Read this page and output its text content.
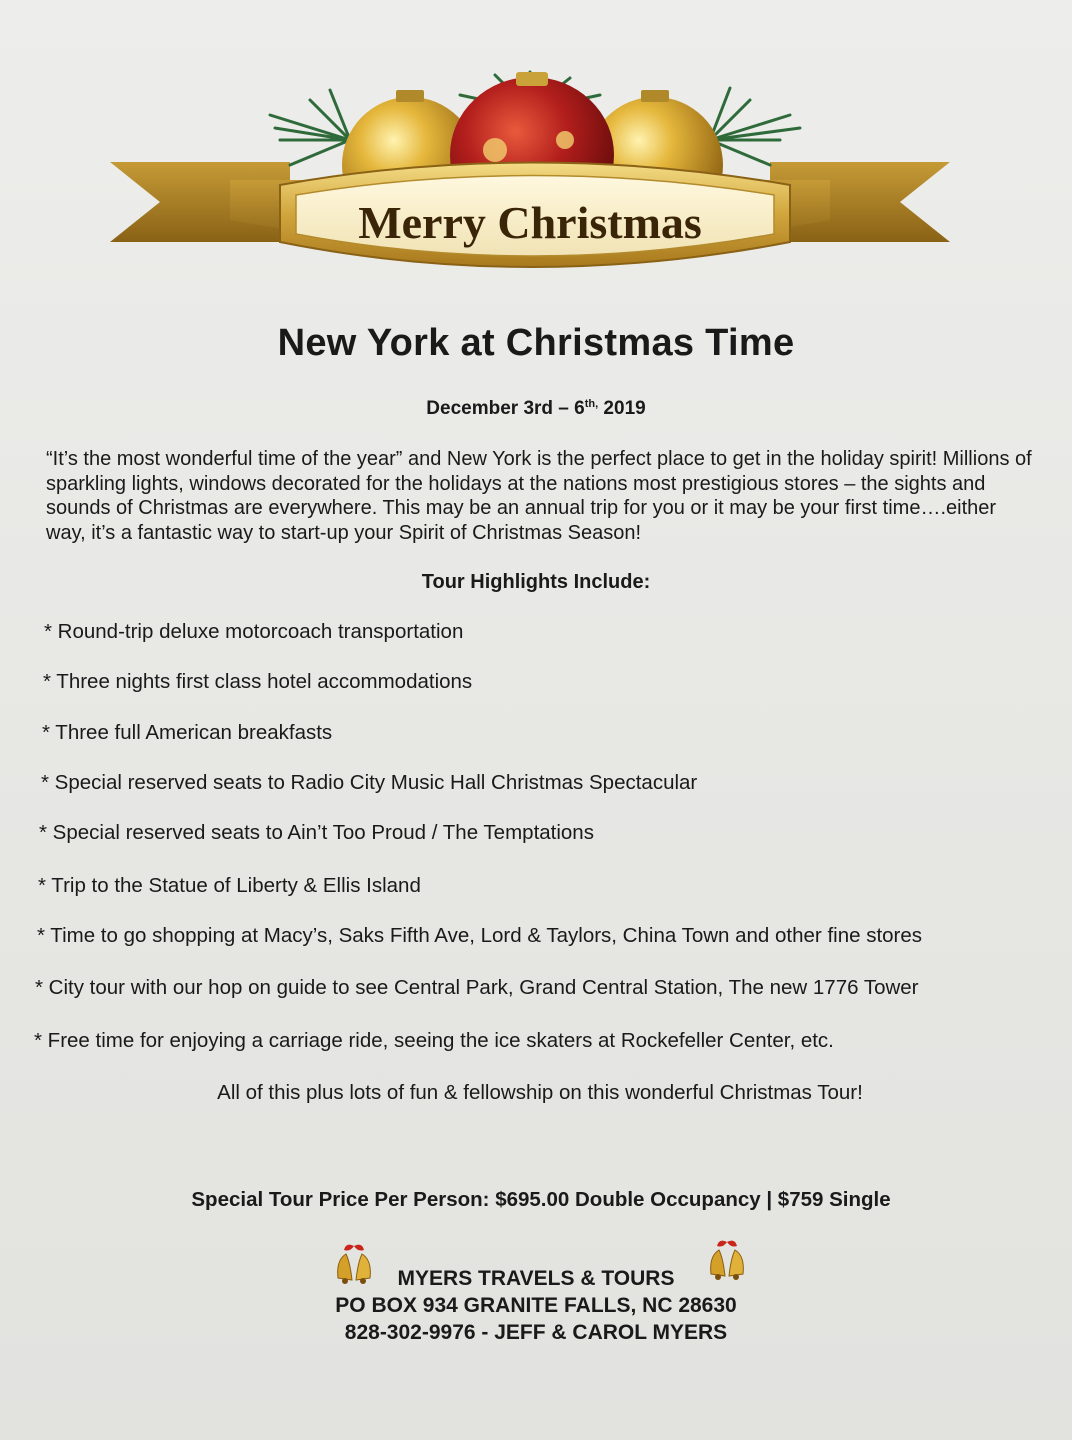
Merry Christmas
New York at Christmas Time
December $3rd - 6^{th,}$ 2019
“It’s the most wonderful time of the year” and New York is the perfect place to get in the holiday spirit! Millions of sparkling lights, windows decorated for the holidays at the nations most prestigious stores – the sights and sounds of Christmas are everywhere. This may be an annual trip for you or it may be your first time….either way, it’s a fantastic way to start-up your Spirit of Christmas Season!
Tour Highlights Include:
* Round-trip deluxe motorcoach transportation
* Three nights first class hotel accommodations
* Three full American breakfasts
* Special reserved seats to Radio City Music Hall Christmas Spectacular
* Special reserved seats to Ain’t Too Proud / The Temptations
* Trip to the Statue of Liberty & Ellis Island
* Time to go shopping at Macy’s, Saks Fifth Ave, Lord & Taylors, China Town and other fine stores
* City tour with our hop on guide to see Central Park, Grand Central Station, The new 1776 Tower
* Free time for enjoying a carriage ride, seeing the ice skaters at Rockefeller Center, etc.
All of this plus lots of fun & fellowship on this wonderful Christmas Tour!
Special Tour Price Per Person: $695.00 Double Occupancy | $759 Single
MYERS TRAVELS & TOURS
PO BOX 934 GRANITE FALLS, NC 28630
828-302-9976 - JEFF & CAROL MYERS
